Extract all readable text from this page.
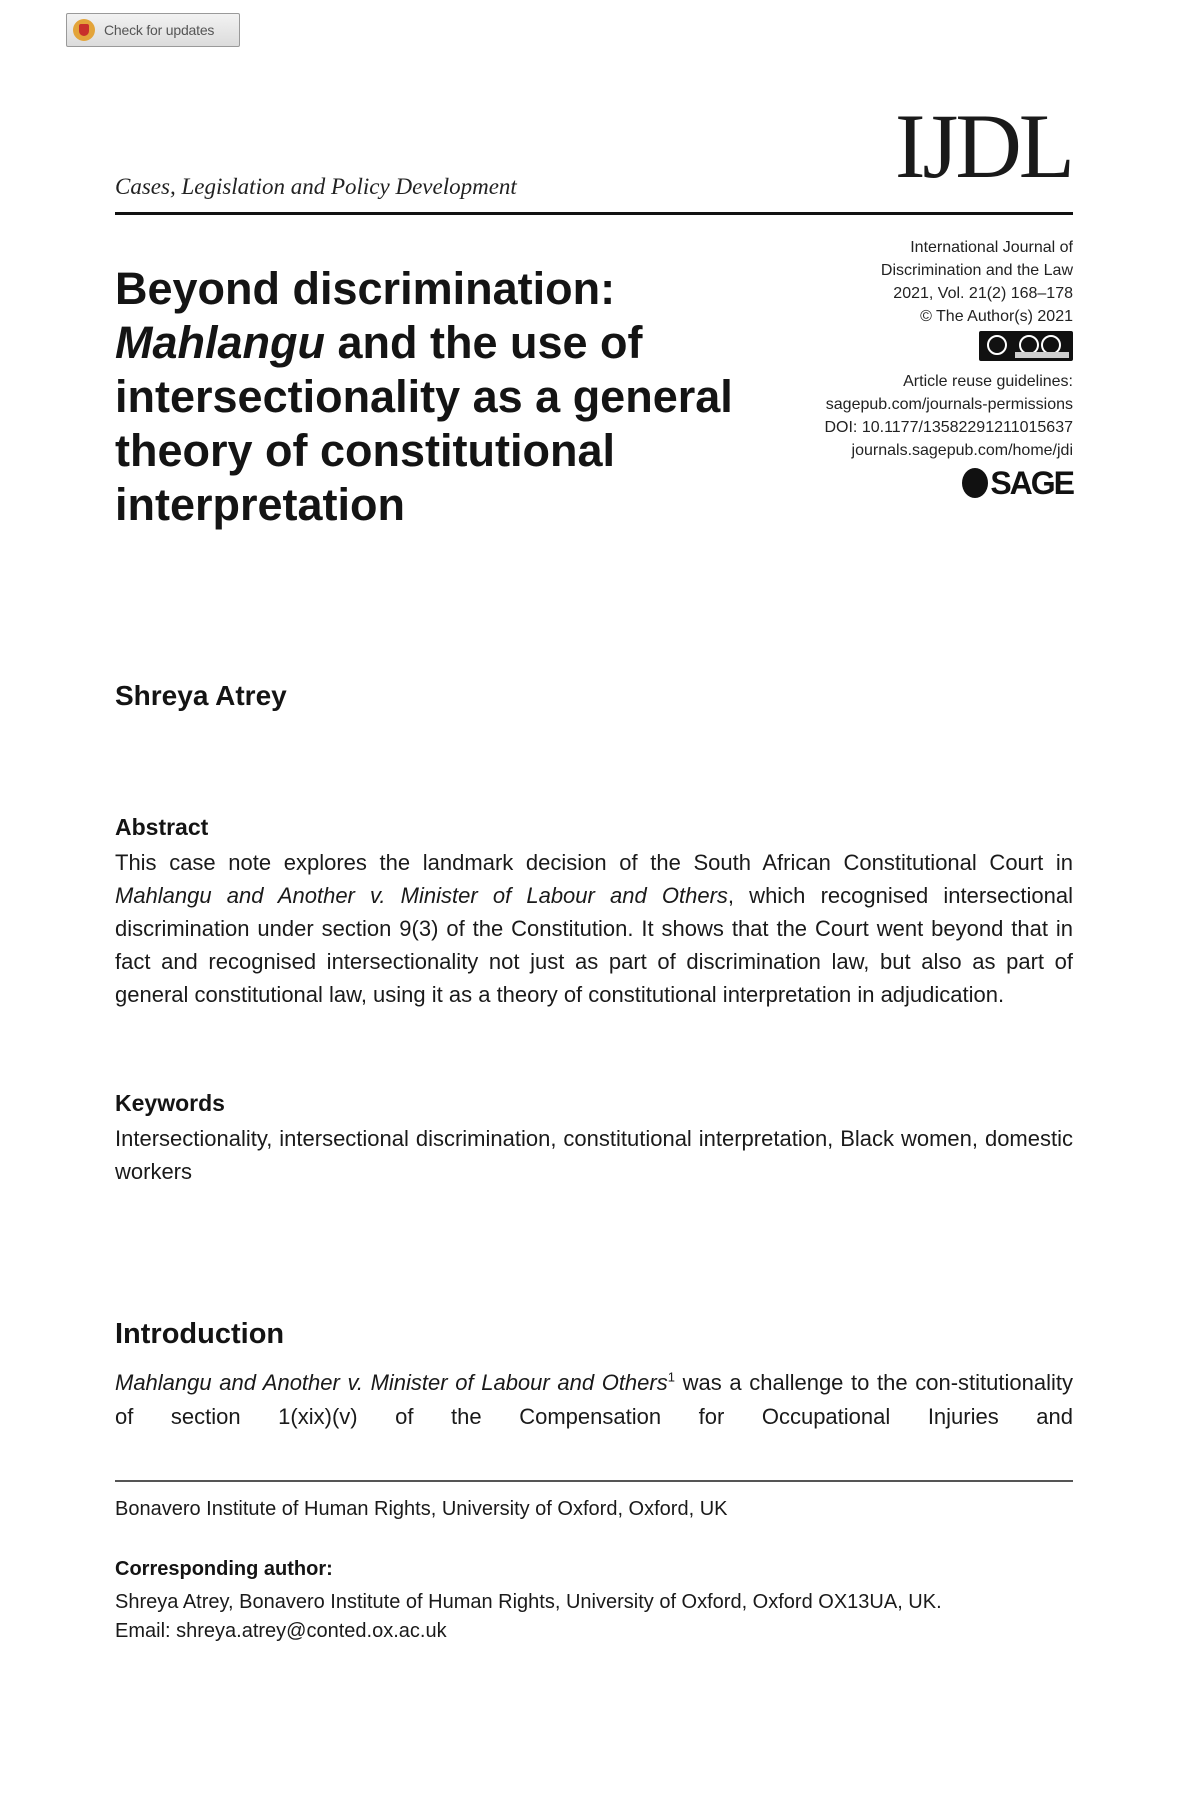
Check for updates
IJDL
Cases, Legislation and Policy Development
Beyond discrimination:
Mahlangu and the use of intersectionality as a general theory of constitutional interpretation
International Journal of
Discrimination and the Law
2021, Vol. 21(2) 168–178
© The Author(s) 2021
Article reuse guidelines:
sagepub.com/journals-permissions
DOI: 10.1177/13582291211015637
journals.sagepub.com/home/jdi
SAGE
Shreya Atrey
Abstract

This case note explores the landmark decision of the South African Constitutional Court in Mahlangu and Another v. Minister of Labour and Others, which recognised intersectional discrimination under section 9(3) of the Constitution. It shows that the Court went beyond that in fact and recognised intersectionality not just as part of discrimination law, but also as part of general constitutional law, using it as a theory of constitutional interpretation in adjudication.

Keywords

Intersectionality, intersectional discrimination, constitutional interpretation, Black women, domestic workers

Introduction

Mahlangu and Another v. Minister of Labour and Others$^1$ was a challenge to the con-stitutionality of section 1(xix)(v) of the Compensation for Occupational Injuries and

Bonavero Institute of Human Rights, University of Oxford, Oxford, UK
Corresponding author:
Shreya Atrey, Bonavero Institute of Human Rights, University of Oxford, Oxford OX13UA, UK.
Email: shreya.atrey@conted.ox.ac.uk
